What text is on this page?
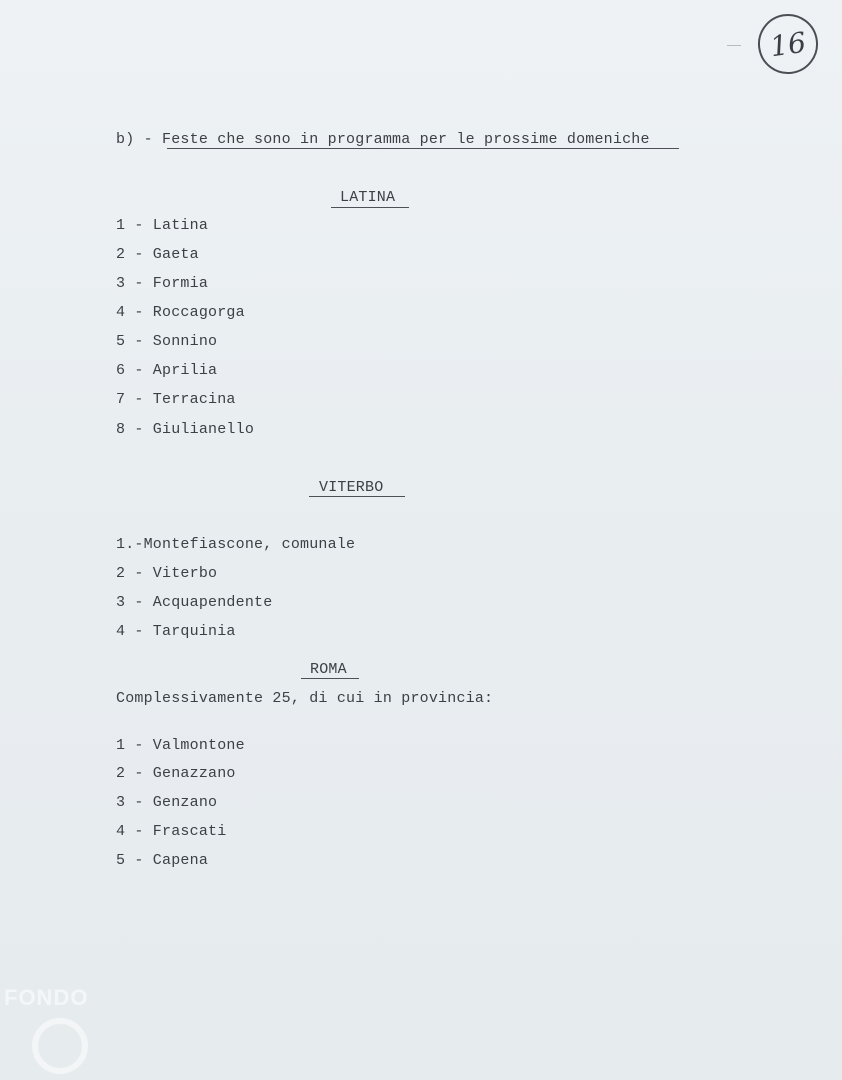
16
b) - Feste che sono in programma per le prossime domeniche
LATINA
1 - Latina
2 - Gaeta
3 - Formia
4 - Roccagorga
5 - Sonnino
6 - Aprilia
7 - Terracina
8 - Giulianello
VITERBO
1.-Montefiascone, comunale
2 - Viterbo
3 - Acquapendente
4 - Tarquinia
ROMA
Complessivamente 25, di cui in provincia:
1 - Valmontone
2 - Genazzano
3 - Genzano
4 - Frascati
5 - Capena
FONDO
